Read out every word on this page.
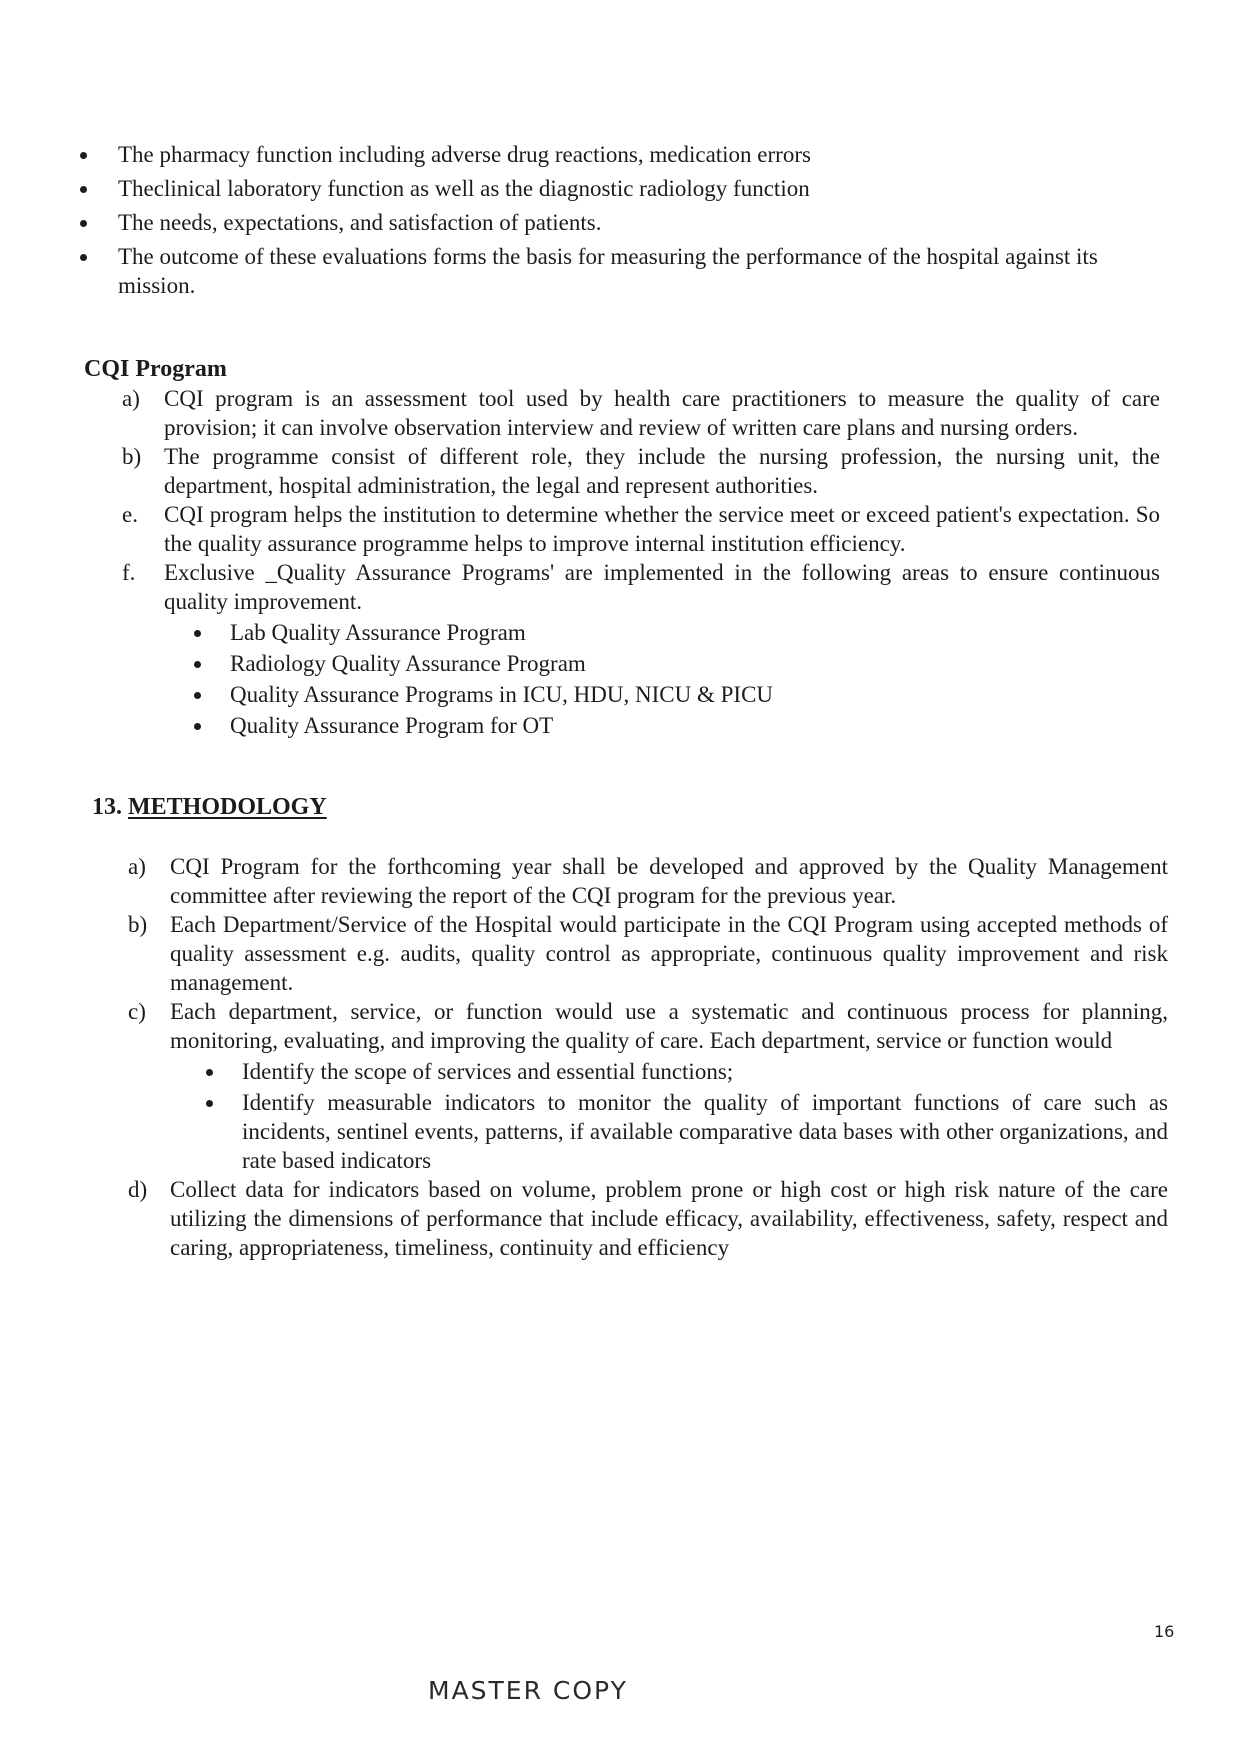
The pharmacy function including adverse drug reactions, medication errors
Theclinical laboratory function as well as the diagnostic radiology function
The needs, expectations, and satisfaction of patients.
The outcome of these evaluations forms the basis for measuring the performance of the hospital against its mission.
CQI Program
a) CQI program is an assessment tool used by health care practitioners to measure the quality of care provision; it can involve observation interview and review of written care plans and nursing orders.
b) The programme consist of different role, they include the nursing profession, the nursing unit, the department, hospital administration, the legal and represent authorities.
e. CQI program helps the institution to determine whether the service meet or exceed patient's expectation. So the quality assurance programme helps to improve internal institution efficiency.
f. Exclusive _Quality Assurance Programs' are implemented in the following areas to ensure continuous quality improvement.
Lab Quality Assurance Program
Radiology Quality Assurance Program
Quality Assurance Programs in ICU, HDU, NICU & PICU
Quality Assurance Program for OT
13. METHODOLOGY
a) CQI Program for the forthcoming year shall be developed and approved by the Quality Management committee after reviewing the report of the CQI program for the previous year.
b) Each Department/Service of the Hospital would participate in the CQI Program using accepted methods of quality assessment e.g. audits, quality control as appropriate, continuous quality improvement and risk management.
c) Each department, service, or function would use a systematic and continuous process for planning, monitoring, evaluating, and improving the quality of care. Each department, service or function would
Identify the scope of services and essential functions;
Identify measurable indicators to monitor the quality of important functions of care such as incidents, sentinel events, patterns, if available comparative data bases with other organizations, and rate based indicators
d) Collect data for indicators based on volume, problem prone or high cost or high risk nature of the care utilizing the dimensions of performance that include efficacy, availability, effectiveness, safety, respect and caring, appropriateness, timeliness, continuity and efficiency
16
MASTER COPY
